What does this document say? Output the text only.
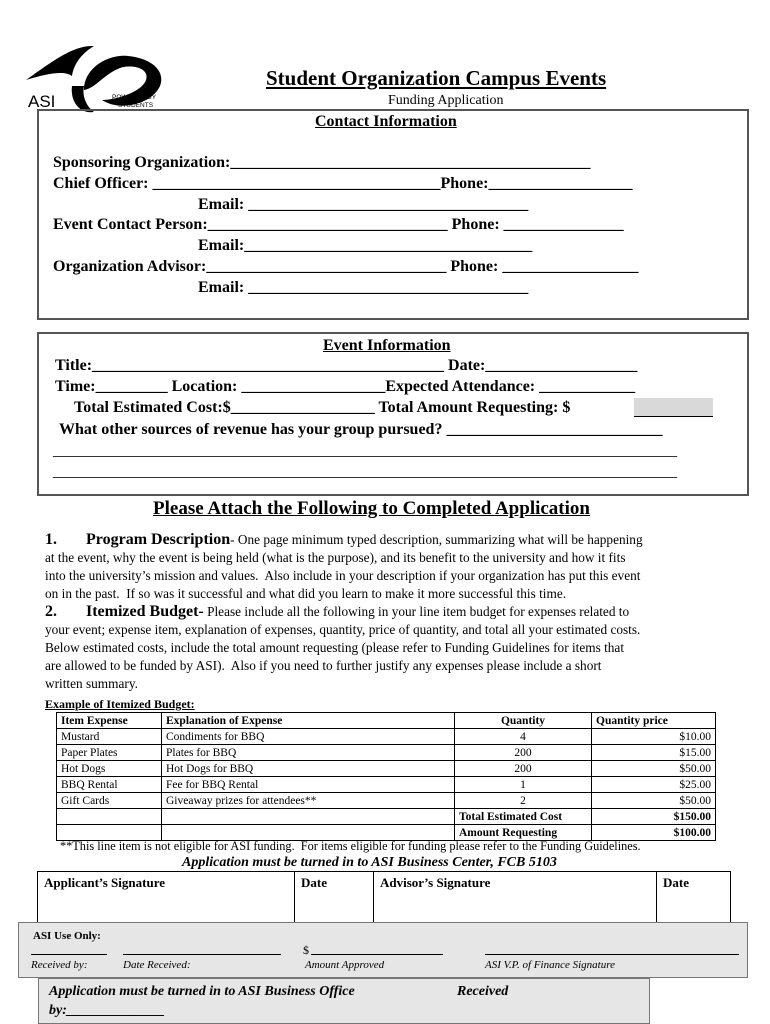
ASI	POWERED BY
STUDENTS
Student Organization Campus Events
Funding Application
Contact Information
Sponsoring Organization:_____________________________________________
Chief Officer: ____________________________________Phone:__________________
Email: ___________________________________
Event Contact Person:______________________________ Phone: _______________
Email:____________________________________
Organization Advisor:______________________________ Phone: _________________
Email: ___________________________________
Event Information
Title:____________________________________________ Date:___________________
Time:_________ Location: __________________Expected Attendance: ____________
Total Estimated Cost:$__________________ Total Amount Requesting: $
What other sources of revenue has your group pursued? ___________________________
______________________________________________________________________________
______________________________________________________________________________
Please Attach the Following to Completed Application
1. Program Description- One page minimum typed description, summarizing what will be happening
at the event, why the event is being held (what is the purpose), and its benefit to the university and how it fits
into the university’s mission and values.  Also include in your description if your organization has put this event
on in the past.  If so was it successful and what did you learn to make it more successful this time.
2. Itemized Budget- Please include all the following in your line item budget for expenses related to
your event; expense item, explanation of expenses, quantity, price of quantity, and total all your estimated costs.
Below estimated costs, include the total amount requesting (please refer to Funding Guidelines for items that
are allowed to be funded by ASI).  Also if you need to further justify any expenses please include a short
written summary.
Example of Itemized Budget:
Item Expense	Explanation of Expense	Quantity	Quantity price
Mustard	Condiments for BBQ	4	$10.00
Paper Plates	Plates for BBQ	200	$15.00
Hot Dogs	Hot Dogs for BBQ	200	$50.00
BBQ Rental	Fee for BBQ Rental	1	$25.00
Gift Cards	Giveaway prizes for attendees**	2	$50.00
		Total Estimated Cost	$150.00
		Amount Requesting	$100.00
**This line item is not eligible for ASI funding.  For items eligible for funding please refer to the Funding Guidelines.
Application must be turned in to ASI Business Center, FCB 5103
Applicant’s Signature	Date	Advisor’s Signature	Date
ASI Use Only:
$
Received by:	Date Received:	Amount Approved	ASI V.P. of Finance Signature
Application must be turned in to ASI Business Office	Received
by:______________
